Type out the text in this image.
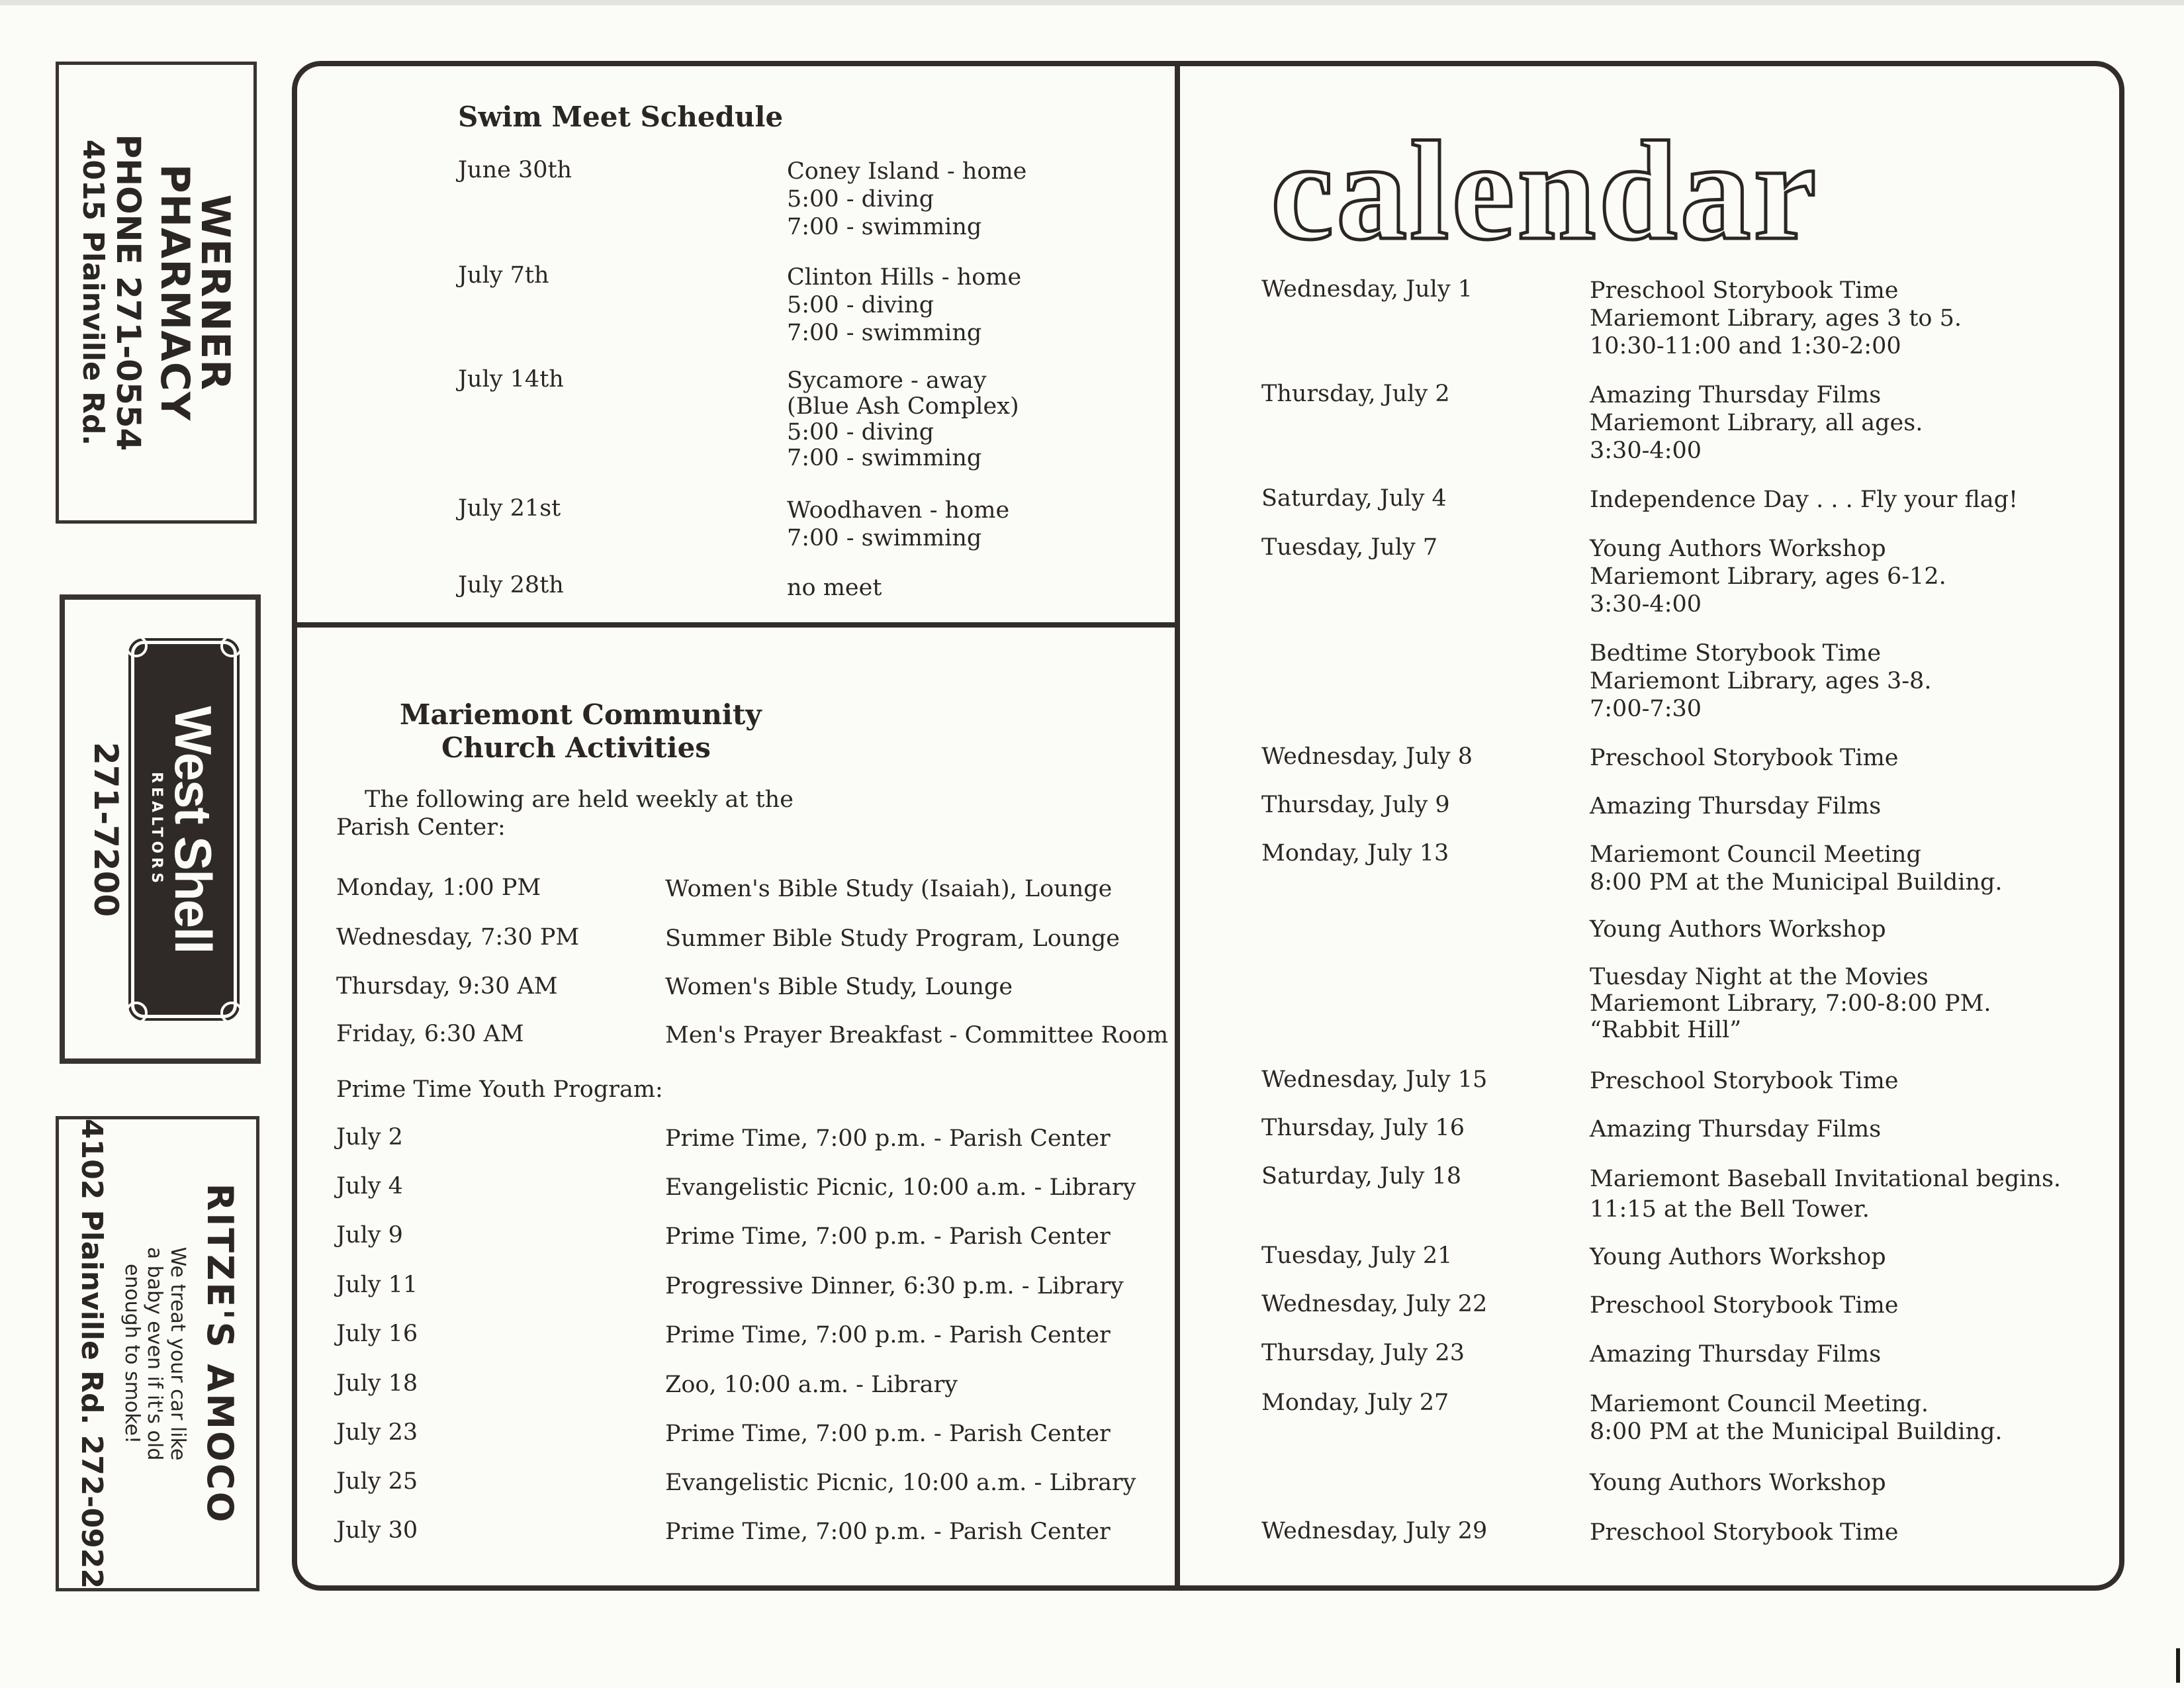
WERNER
PHARMACY
PHONE 271-0554
4015 Plainville Rd.
West Shell
REALTORS
271-7200
RITZE'S AMOCO
We treat your car like
a baby even if it's old
enough to smoke!
4102 Plainville Rd. 272-0922
Swim Meet Schedule
June 30th	Coney Island - home
5:00 - diving
7:00 - swimming
July 7th	Clinton Hills - home
5:00 - diving
7:00 - swimming
July 14th	Sycamore - away
(Blue Ash Complex)
5:00 - diving
7:00 - swimming
July 21st	Woodhaven - home
7:00 - swimming
July 28th	no meet
Mariemont Community
Church Activities
The following are held weekly at the
Parish Center:
Monday, 1:00 PM	Women's Bible Study (Isaiah), Lounge
Wednesday, 7:30 PM	Summer Bible Study Program, Lounge
Thursday, 9:30 AM	Women's Bible Study, Lounge
Friday, 6:30 AM	Men's Prayer Breakfast - Committee Room
Prime Time Youth Program:
July 2	Prime Time, 7:00 p.m. - Parish Center
July 4	Evangelistic Picnic, 10:00 a.m. - Library
July 9	Prime Time, 7:00 p.m. - Parish Center
July 11	Progressive Dinner, 6:30 p.m. - Library
July 16	Prime Time, 7:00 p.m. - Parish Center
July 18	Zoo, 10:00 a.m. - Library
July 23	Prime Time, 7:00 p.m. - Parish Center
July 25	Evangelistic Picnic, 10:00 a.m. - Library
July 30	Prime Time, 7:00 p.m. - Parish Center
calendar
Wednesday, July 1	Preschool Storybook Time
Mariemont Library, ages 3 to 5.
10:30-11:00 and 1:30-2:00
Thursday, July 2	Amazing Thursday Films
Mariemont Library, all ages.
3:30-4:00
Saturday, July 4	Independence Day . . . Fly your flag!
Tuesday, July 7	Young Authors Workshop
Mariemont Library, ages 6-12.
3:30-4:00
Bedtime Storybook Time
Mariemont Library, ages 3-8.
7:00-7:30
Wednesday, July 8	Preschool Storybook Time
Thursday, July 9	Amazing Thursday Films
Monday, July 13	Mariemont Council Meeting
8:00 PM at the Municipal Building.
Young Authors Workshop
Tuesday Night at the Movies
Mariemont Library, 7:00-8:00 PM.
“Rabbit Hill”
Wednesday, July 15	Preschool Storybook Time
Thursday, July 16	Amazing Thursday Films
Saturday, July 18	Mariemont Baseball Invitational begins.
11:15 at the Bell Tower.
Tuesday, July 21	Young Authors Workshop
Wednesday, July 22	Preschool Storybook Time
Thursday, July 23	Amazing Thursday Films
Monday, July 27	Mariemont Council Meeting.
8:00 PM at the Municipal Building.
Young Authors Workshop
Wednesday, July 29	Preschool Storybook Time
